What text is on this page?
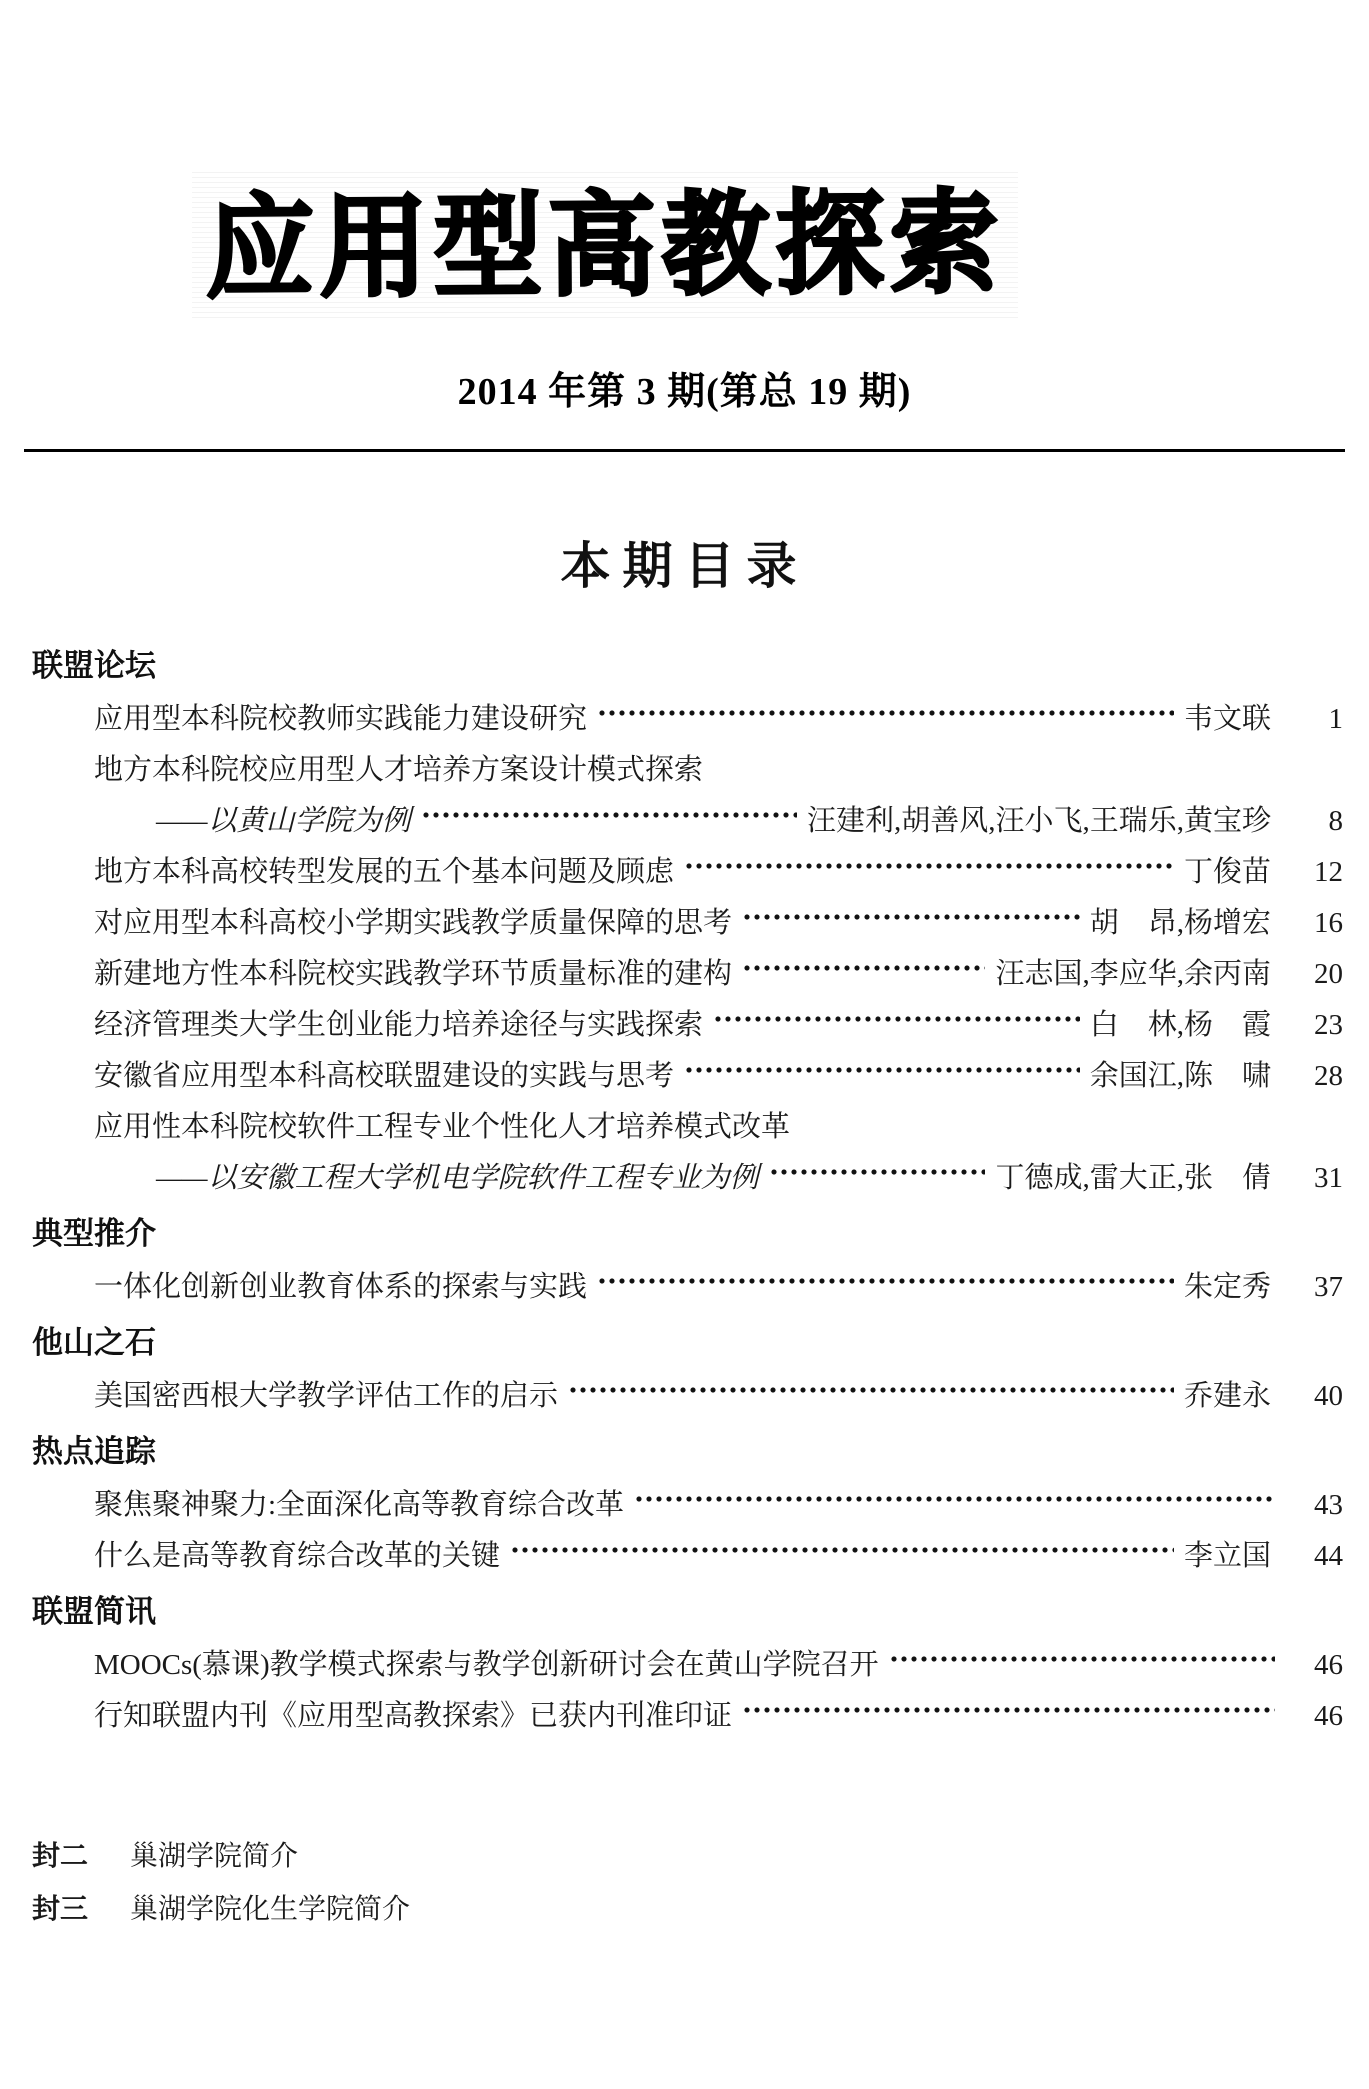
应用型高教探索
2014 年第 3 期(第总 19 期)
本期目录
联盟论坛
应用型本科院校教师实践能力建设研究	韦文联	1
地方本科院校应用型人才培养方案设计模式探索
——以黄山学院为例	汪建利,胡善风,汪小飞,王瑞乐,黄宝珍	8
地方本科高校转型发展的五个基本问题及顾虑	丁俊苗	12
对应用型本科高校小学期实践教学质量保障的思考	胡　昂,杨增宏	16
新建地方性本科院校实践教学环节质量标准的建构	汪志国,李应华,余丙南	20
经济管理类大学生创业能力培养途径与实践探索	白　林,杨　霞	23
安徽省应用型本科高校联盟建设的实践与思考	余国江,陈　啸	28
应用性本科院校软件工程专业个性化人才培养模式改革
——以安徽工程大学机电学院软件工程专业为例	丁德成,雷大正,张　倩	31
典型推介
一体化创新创业教育体系的探索与实践	朱定秀	37
他山之石
美国密西根大学教学评估工作的启示	乔建永	40
热点追踪
聚焦聚神聚力:全面深化高等教育综合改革	43
什么是高等教育综合改革的关键	李立国	44
联盟简讯
MOOCs(慕课)教学模式探索与教学创新研讨会在黄山学院召开	46
行知联盟内刊《应用型高教探索》已获内刊准印证	46
封二	巢湖学院简介
封三	巢湖学院化生学院简介
